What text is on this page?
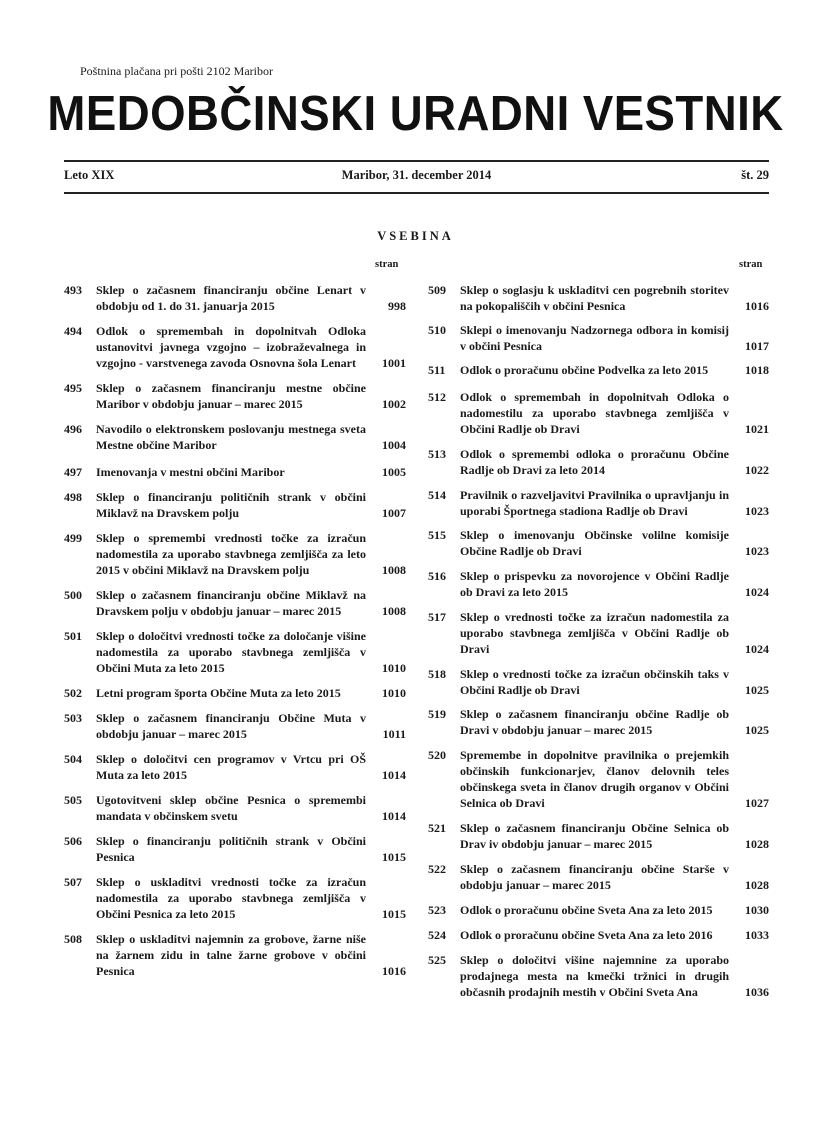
Poštnina plačana pri pošti 2102 Maribor
MEDOBČINSKI URADNI VESTNIK
Leto XIX	Maribor, 31. december 2014	št. 29
VSEBINA
stran	stran
493	Sklep o začasnem financiranju občine Lenart v obdobju od 1. do 31. januarja 2015	998
494	Odlok o spremembah in dopolnitvah Odloka ustanovitvi javnega vzgojno – izobraževalnega in vzgojno - varstvenega zavoda Osnovna šola Lenart	1001
495	Sklep o začasnem financiranju mestne občine Maribor v obdobju januar – marec 2015	1002
496	Navodilo o elektronskem poslovanju mestnega sveta Mestne občine Maribor	1004
497	Imenovanja v mestni občini Maribor	1005
498	Sklep o financiranju političnih strank v občini Miklavž na Dravskem polju	1007
499	Sklep o spremembi vrednosti točke za izračun nadomestila za uporabo stavbnega zemljišča za leto 2015 v občini Miklavž na Dravskem polju	1008
500	Sklep o začasnem financiranju občine Miklavž na Dravskem polju v obdobju januar – marec 2015	1008
501	Sklep o določitvi vrednosti točke za določanje višine nadomestila za uporabo stavbnega zemljišča v Občini Muta za leto 2015	1010
502	Letni program športa Občine Muta za leto 2015	1010
503	Sklep o začasnem financiranju Občine Muta v obdobju januar – marec 2015	1011
504	Sklep o določitvi cen programov v Vrtcu pri OŠ Muta za leto 2015	1014
505	Ugotovitveni sklep občine Pesnica o spremembi mandata v občinskem svetu	1014
506	Sklep o financiranju političnih strank v Občini Pesnica	1015
507	Sklep o uskladitvi vrednosti točke za izračun nadomestila za uporabo stavbnega zemljišča v Občini Pesnica za leto 2015	1015
508	Sklep o uskladitvi najemnin za grobove, žarne niše na žarnem zidu in talne žarne grobove v občini Pesnica	1016
509	Sklep o soglasju k uskladitvi cen pogrebnih storitev na pokopališčih v občini Pesnica	1016
510	Sklepi o imenovanju Nadzornega odbora in komisij v občini Pesnica	1017
511	Odlok o proračunu občine Podvelka za leto 2015	1018
512	Odlok o spremembah in dopolnitvah Odloka o nadomestilu za uporabo stavbnega zemljišča v Občini Radlje ob Dravi	1021
513	Odlok o spremembi odloka o proračunu Občine Radlje ob Dravi za leto 2014	1022
514	Pravilnik o razveljavitvi Pravilnika o upravljanju in uporabi Športnega stadiona Radlje ob Dravi	1023
515	Sklep o imenovanju Občinske volilne komisije Občine Radlje ob Dravi	1023
516	Sklep o prispevku za novorojence v Občini Radlje ob Dravi za leto 2015	1024
517	Sklep o vrednosti točke za izračun nadomestila za uporabo stavbnega zemljišča v Občini Radlje ob Dravi	1024
518	Sklep o vrednosti točke za izračun občinskih taks v Občini Radlje ob Dravi	1025
519	Sklep o začasnem financiranju občine Radlje ob Dravi v obdobju januar – marec 2015	1025
520	Spremembe in dopolnitve pravilnika o prejemkih občinskih funkcionarjev, članov delovnih teles občinskega sveta in članov drugih organov v Občini Selnica ob Dravi	1027
521	Sklep o začasnem financiranju Občine Selnica ob Drav iv obdobju januar – marec 2015	1028
522	Sklep o začasnem financiranju občine Starše v obdobju januar – marec 2015	1028
523	Odlok o proračunu občine Sveta Ana za leto 2015	1030
524	Odlok o proračunu občine Sveta Ana za leto 2016	1033
525	Sklep o določitvi višine najemnine za uporabo prodajnega mesta na kmečki tržnici in drugih občasnih prodajnih mestih v Občini Sveta Ana	1036
